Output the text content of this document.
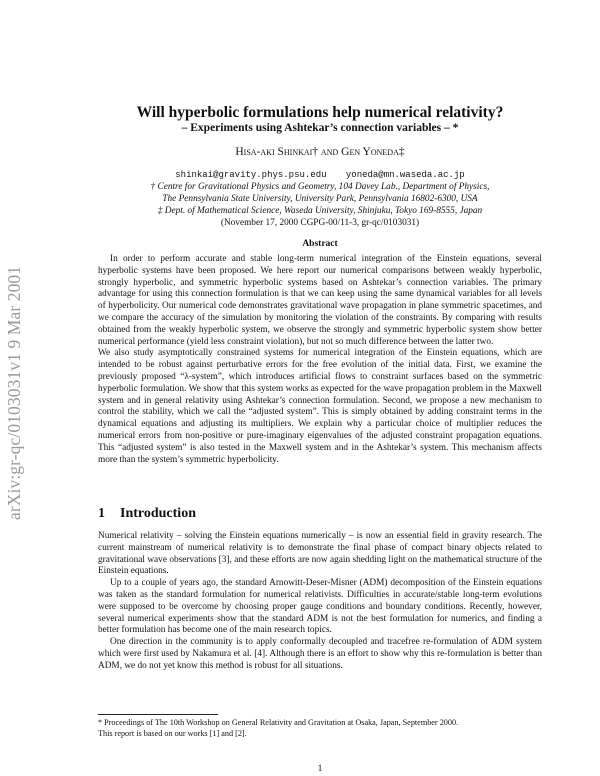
arXiv:gr-qc/0103031v1 9 Mar 2001
Will hyperbolic formulations help numerical relativity?
– Experiments using Ashtekar’s connection variables – *
Hisa-aki Shinkai† and Gen Yoneda‡
shinkai@gravity.phys.psu.edu yoneda@mn.waseda.ac.jp
† Centre for Gravitational Physics and Geometry, 104 Davey Lab., Department of Physics,
The Pennsylvania State University, University Park, Pennsylvania 16802-6300, USA
‡ Dept. of Mathematical Science, Waseda University, Shinjuku, Tokyo 169-8555, Japan
(November 17, 2000 CGPG-00/11-3, gr-qc/0103031)
Abstract

In order to perform accurate and stable long-term numerical integration of the Einstein equations, several hyperbolic systems have been proposed. We here report our numerical comparisons between weakly hyperbolic, strongly hyperbolic, and symmetric hyperbolic systems based on Ashtekar’s connection variables. The primary advantage for using this connection formulation is that we can keep using the same dynamical variables for all levels of hyperbolicity. Our numerical code demonstrates gravitational wave propagation in plane symmetric spacetimes, and we compare the accuracy of the simulation by monitoring the violation of the constraints. By comparing with results obtained from the weakly hyperbolic system, we observe the strongly and symmetric hyperbolic system show better numerical performance (yield less constraint violation), but not so much difference between the latter two.

We also study asymptotically constrained systems for numerical integration of the Einstein equations, which are intended to be robust against perturbative errors for the free evolution of the initial data. First, we examine the previously proposed “λ-system”, which introduces artificial flows to constraint surfaces based on the symmetric hyperbolic formulation. We show that this system works as expected for the wave propagation problem in the Maxwell system and in general relativity using Ashtekar’s connection formulation. Second, we propose a new mechanism to control the stability, which we call the “adjusted system”. This is simply obtained by adding constraint terms in the dynamical equations and adjusting its multipliers. We explain why a particular choice of multiplier reduces the numerical errors from non-positive or pure-imaginary eigenvalues of the adjusted constraint propagation equations. This “adjusted system” is also tested in the Maxwell system and in the Ashtekar’s system. This mechanism affects more than the system’s symmetric hyperbolicity.

1 Introduction

Numerical relativity – solving the Einstein equations numerically – is now an essential field in gravity research. The current mainstream of numerical relativity is to demonstrate the final phase of compact binary objects related to gravitational wave observations [3], and these efforts are now again shedding light on the mathematical structure of the Einstein equations.

Up to a couple of years ago, the standard Arnowitt-Deser-Misner (ADM) decomposition of the Einstein equations was taken as the standard formulation for numerical relativists. Difficulties in accurate/stable long-term evolutions were supposed to be overcome by choosing proper gauge conditions and boundary conditions. Recently, however, several numerical experiments show that the standard ADM is not the best formulation for numerics, and finding a better formulation has become one of the main research topics.

One direction in the community is to apply conformally decoupled and tracefree re-formulation of ADM system which were first used by Nakamura et al. [4]. Although there is an effort to show why this re-formulation is better than ADM, we do not yet know this method is robust for all situations.

* Proceedings of The 10th Workshop on General Relativity and Gravitation at Osaka, Japan, September 2000.
This report is based on our works [1] and [2].
1
